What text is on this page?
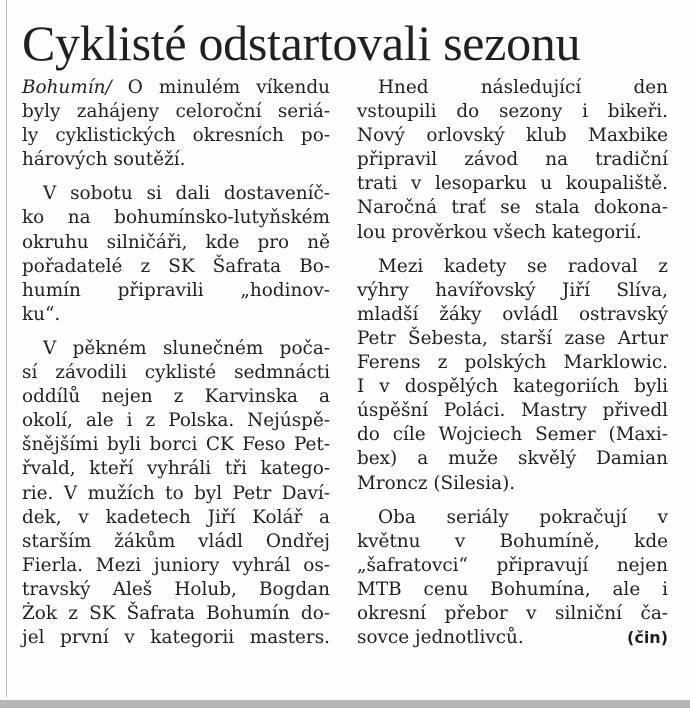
Cyklisté odstartovali sezonu

Bohumín/ O minulém víkendu

byly zahájeny celoroční seriá-

ly cyklistických okresních po-

hárových soutěží.

V sobotu si dali dostaveníč-

ko na bohumínsko-lutyňském

okruhu silničáři, kde pro ně

pořadatelé z SK Šafrata Bo-

humín připravili „hodinov-

ku“.

V pěkném slunečném poča-

sí závodili cyklisté sedmnácti

oddílů nejen z Karvinska a

okolí, ale i z Polska. Nejúspě-

šnějšími byli borci CK Feso Pet-

řvald, kteří vyhráli tři katego-

rie. V mužích to byl Petr Daví-

dek, v kadetech Jiří Kolář a

starším žákům vládl Ondřej

Fierla. Mezi juniory vyhrál os-

travský Aleš Holub, Bogdan

Żok z SK Šafrata Bohumín do-

jel první v kategorii masters.

Hned následující den

vstoupili do sezony i bikeři.

Nový orlovský klub Maxbike

připravil závod na tradiční

trati v lesoparku u koupaliště.

Naročná trať se stala dokona-

lou prověrkou všech kategorií.

Mezi kadety se radoval z

výhry havířovský Jiří Slíva,

mladší žáky ovládl ostravský

Petr Šebesta, starší zase Artur

Ferens z polských Marklowic.

I v dospělých kategoriích byli

úspěšní Poláci. Mastry přivedl

do cíle Wojciech Semer (Maxi-

bex) a muže skvělý Damian

Mroncz (Silesia).

Oba seriály pokračují v

květnu v Bohumíně, kde

„šafratovci“ připravují nejen

MTB cenu Bohumína, ale i

okresní přebor v silniční ča-

sovce jednotlivců.	(čin)
